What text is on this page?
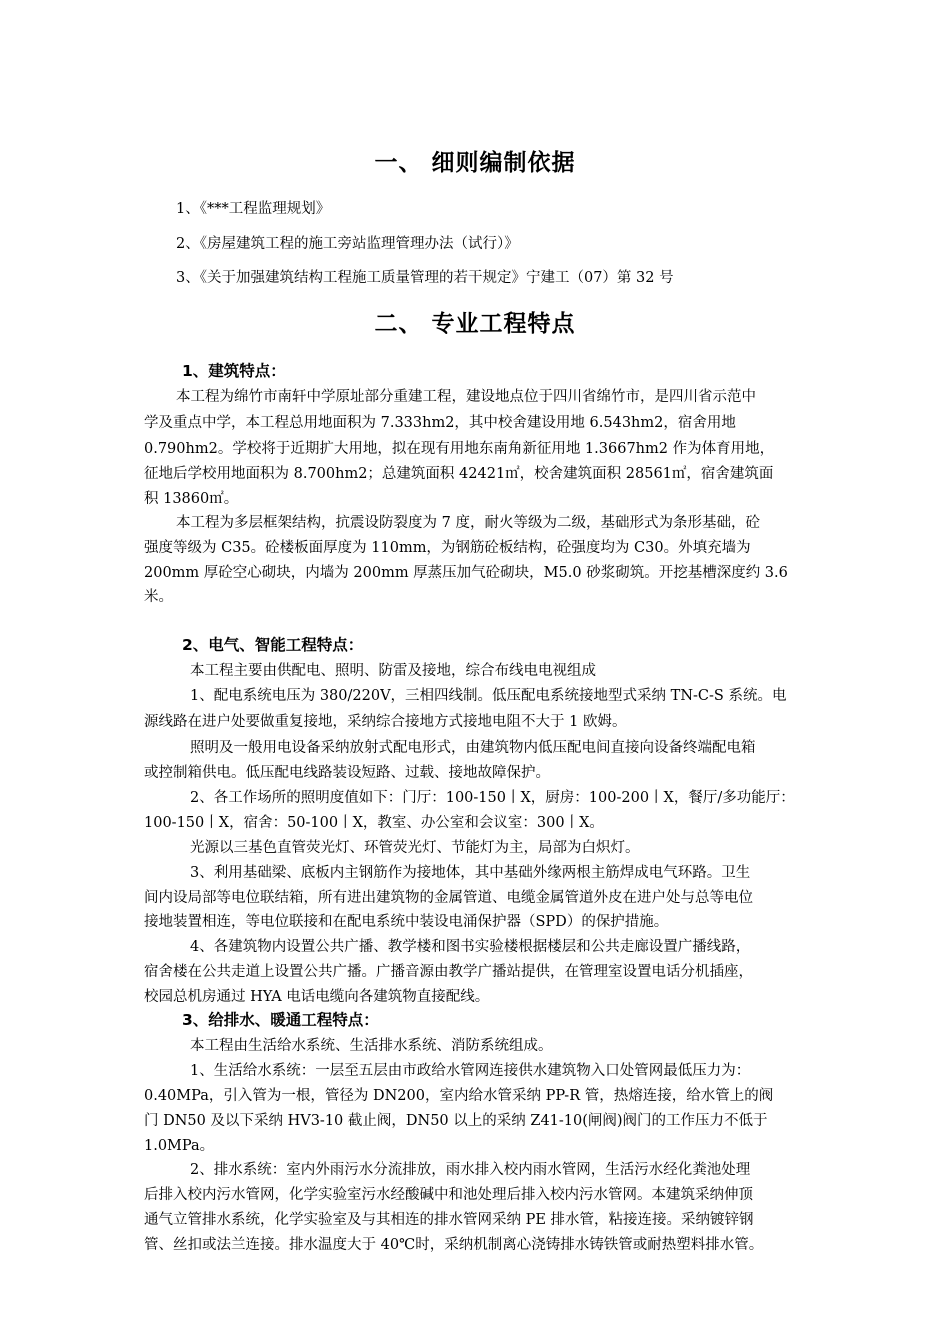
一、 细则编制依据
1、《***工程监理规划》
2、《房屋建筑工程的施工旁站监理管理办法（试行）》
3、《关于加强建筑结构工程施工质量管理的若干规定》宁建工（07）第 32 号
二、 专业工程特点
1、建筑特点：
本工程为绵竹市南轩中学原址部分重建工程，建设地点位于四川省绵竹市，是四川省示范中
学及重点中学，本工程总用地面积为 7.333hm2，其中校舍建设用地 6.543hm2，宿舍用地
0.790hm2。学校将于近期扩大用地，拟在现有用地东南角新征用地 1.3667hm2 作为体育用地，
征地后学校用地面积为 8.700hm2；总建筑面积 42421㎡，校舍建筑面积 28561㎡，宿舍建筑面
积 13860㎡。
本工程为多层框架结构，抗震设防裂度为 7 度，耐火等级为二级，基础形式为条形基础，砼
强度等级为 C35。砼楼板面厚度为 110mm，为钢筋砼板结构，砼强度均为 C30。外填充墙为
200mm 厚砼空心砌块，内墙为 200mm 厚蒸压加气砼砌块，M5.0 砂浆砌筑。开挖基槽深度约 3.6
米。
2、电气、智能工程特点：
本工程主要由供配电、照明、防雷及接地，综合布线电电视组成
1、配电系统电压为 380/220V，三相四线制。低压配电系统接地型式采纳 TN-C-S 系统。电
源线路在进户处要做重复接地，采纳综合接地方式接地电阻不大于 1 欧姆。
照明及一般用电设备采纳放射式配电形式，由建筑物内低压配电间直接向设备终端配电箱
或控制箱供电。低压配电线路装设短路、过载、接地故障保护。
2、各工作场所的照明度值如下：门厅：100-150丨X，厨房：100-200丨X，餐厅/多功能厅：
100-150丨X，宿舍：50-100丨X，教室、办公室和会议室：300丨X。
光源以三基色直管荧光灯、环管荧光灯、节能灯为主，局部为白炽灯。
3、利用基础梁、底板内主钢筋作为接地体，其中基础外缘两根主筋焊成电气环路。卫生
间内设局部等电位联结箱，所有进出建筑物的金属管道、电缆金属管道外皮在进户处与总等电位
接地装置相连，等电位联接和在配电系统中装设电涌保护器（SPD）的保护措施。
4、各建筑物内设置公共广播、教学楼和图书实验楼根据楼层和公共走廊设置广播线路，
宿舍楼在公共走道上设置公共广播。广播音源由教学广播站提供，在管理室设置电话分机插座，
校园总机房通过 HYA 电话电缆向各建筑物直接配线。
3、给排水、暖通工程特点：
本工程由生活给水系统、生活排水系统、消防系统组成。
1、生活给水系统：一层至五层由市政给水管网连接供水建筑物入口处管网最低压力为：
0.40MPa，引入管为一根，管径为 DN200，室内给水管采纳 PP-R 管，热熔连接，给水管上的阀
门 DN50 及以下采纳 HV3-10 截止阀，DN50 以上的采纳 Z41-10(闸阀)阀门的工作压力不低于
1.0MPa。
2、排水系统：室内外雨污水分流排放，雨水排入校内雨水管网，生活污水经化粪池处理
后排入校内污水管网，化学实验室污水经酸碱中和池处理后排入校内污水管网。本建筑采纳伸顶
通气立管排水系统，化学实验室及与其相连的排水管网采纳 PE 排水管，粘接连接。采纳镀锌钢
管、丝扣或法兰连接。排水温度大于 40℃时，采纳机制离心浇铸排水铸铁管或耐热塑料排水管。
